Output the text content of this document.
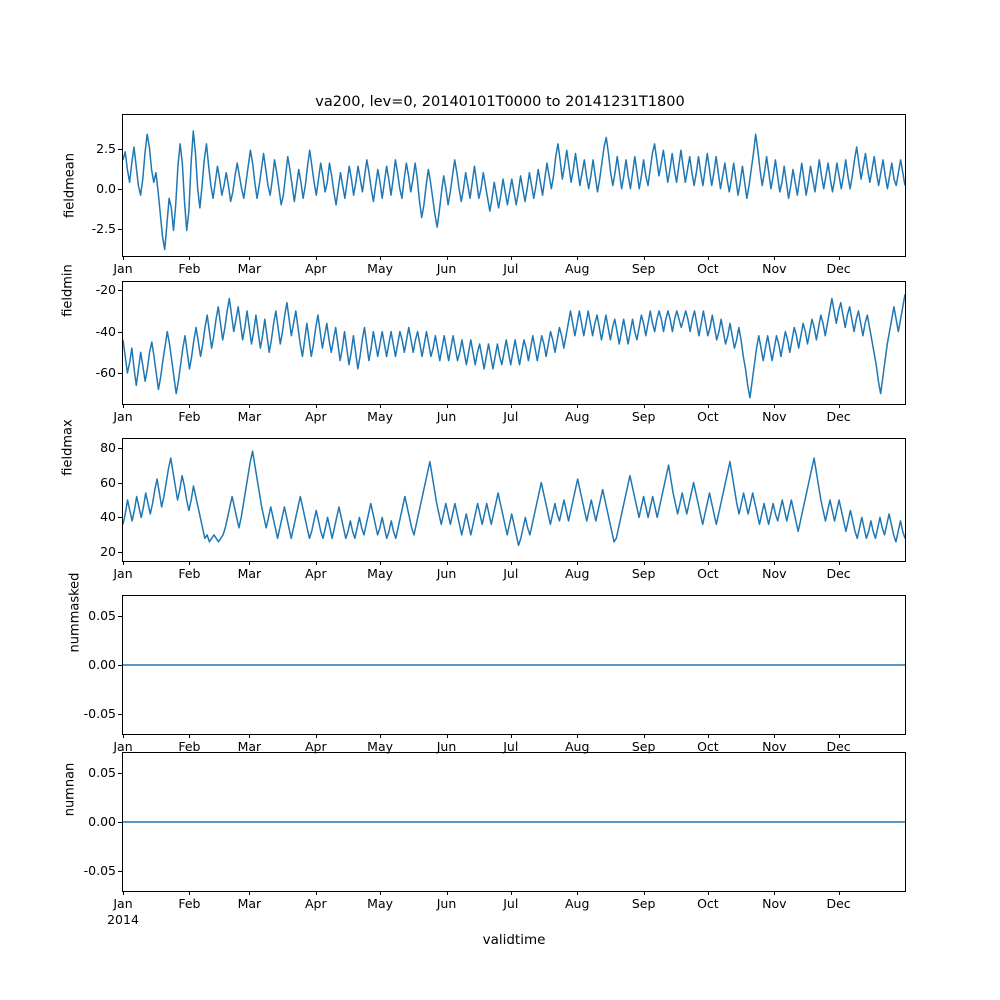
va200, lev=0, 20140101T0000 to 20141231T1800
fieldmean
fieldmin
fieldmax
nummasked
numnan
validtime
2.5
0.0
-2.5
Jan	Feb	Mar	Apr	May	Jun	Jul	Aug	Sep	Oct	Nov	Dec
-20
-40
-60
Jan	Feb	Mar	Apr	May	Jun	Jul	Aug	Sep	Oct	Nov	Dec
80
60
40
20
Jan	Feb	Mar	Apr	May	Jun	Jul	Aug	Sep	Oct	Nov	Dec
0.05
0.00
-0.05
Jan	Feb	Mar	Apr	May	Jun	Jul	Aug	Sep	Oct	Nov	Dec
0.05
0.00
-0.05
Jan	Feb	Mar	Apr	May	Jun	Jul	Aug	Sep	Oct	Nov	Dec
2014
